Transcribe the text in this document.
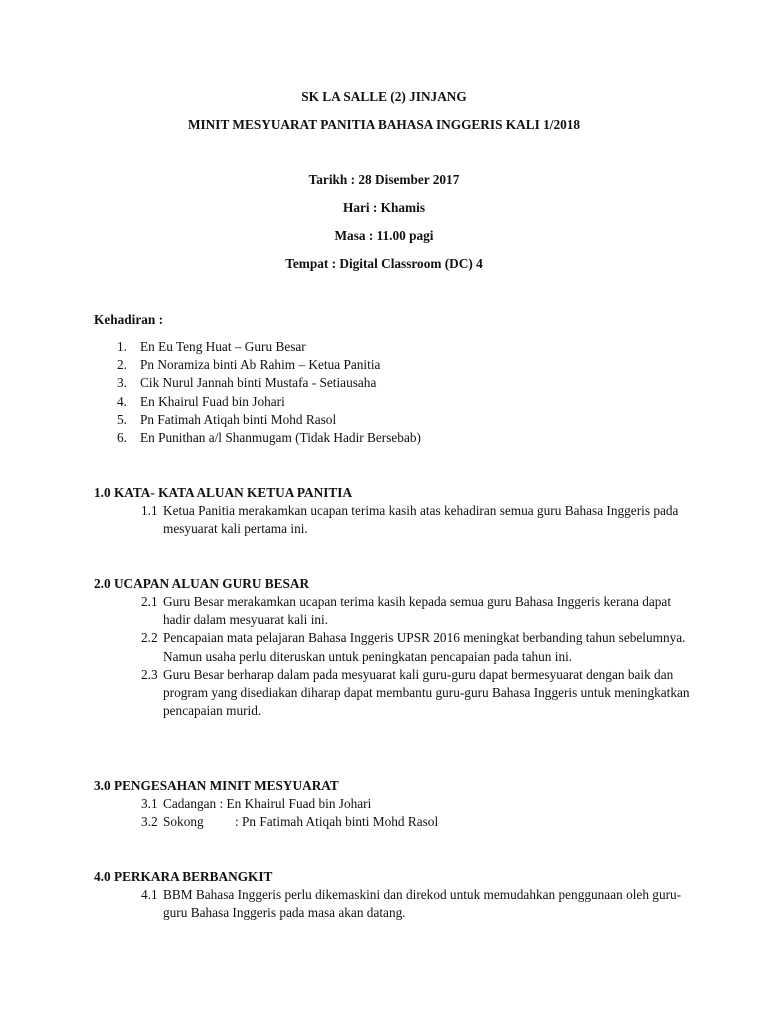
SK LA SALLE (2) JINJANG
MINIT MESYUARAT PANITIA BAHASA INGGERIS KALI 1/2018
Tarikh : 28 Disember 2017
Hari : Khamis
Masa : 11.00 pagi
Tempat : Digital Classroom (DC) 4
Kehadiran :
1. En Eu Teng Huat – Guru Besar
2. Pn Noramiza binti Ab Rahim – Ketua Panitia
3. Cik Nurul Jannah binti Mustafa - Setiausaha
4. En Khairul Fuad bin Johari
5. Pn Fatimah Atiqah binti Mohd Rasol
6. En Punithan a/l Shanmugam (Tidak Hadir Bersebab)
1.0 KATA- KATA ALUAN KETUA PANITIA
1.1 Ketua Panitia merakamkan ucapan terima kasih atas kehadiran semua guru Bahasa Inggeris pada mesyuarat kali pertama ini.
2.0 UCAPAN ALUAN GURU BESAR
2.1 Guru Besar merakamkan ucapan terima kasih kepada semua guru Bahasa Inggeris kerana dapat hadir dalam mesyuarat kali ini.
2.2 Pencapaian mata pelajaran Bahasa Inggeris UPSR 2016 meningkat berbanding tahun sebelumnya. Namun usaha perlu diteruskan untuk peningkatan pencapaian pada tahun ini.
2.3 Guru Besar berharap dalam pada mesyuarat kali guru-guru dapat bermesyuarat dengan baik dan program yang disediakan diharap dapat membantu guru-guru Bahasa Inggeris untuk meningkatkan pencapaian murid.
3.0 PENGESAHAN MINIT MESYUARAT
3.1 Cadangan : En Khairul Fuad bin Johari
3.2 Sokong : Pn Fatimah Atiqah binti Mohd Rasol
4.0 PERKARA BERBANGKIT
4.1 BBM Bahasa Inggeris perlu dikemaskini dan direkod untuk memudahkan penggunaan oleh guru-guru Bahasa Inggeris pada masa akan datang.
